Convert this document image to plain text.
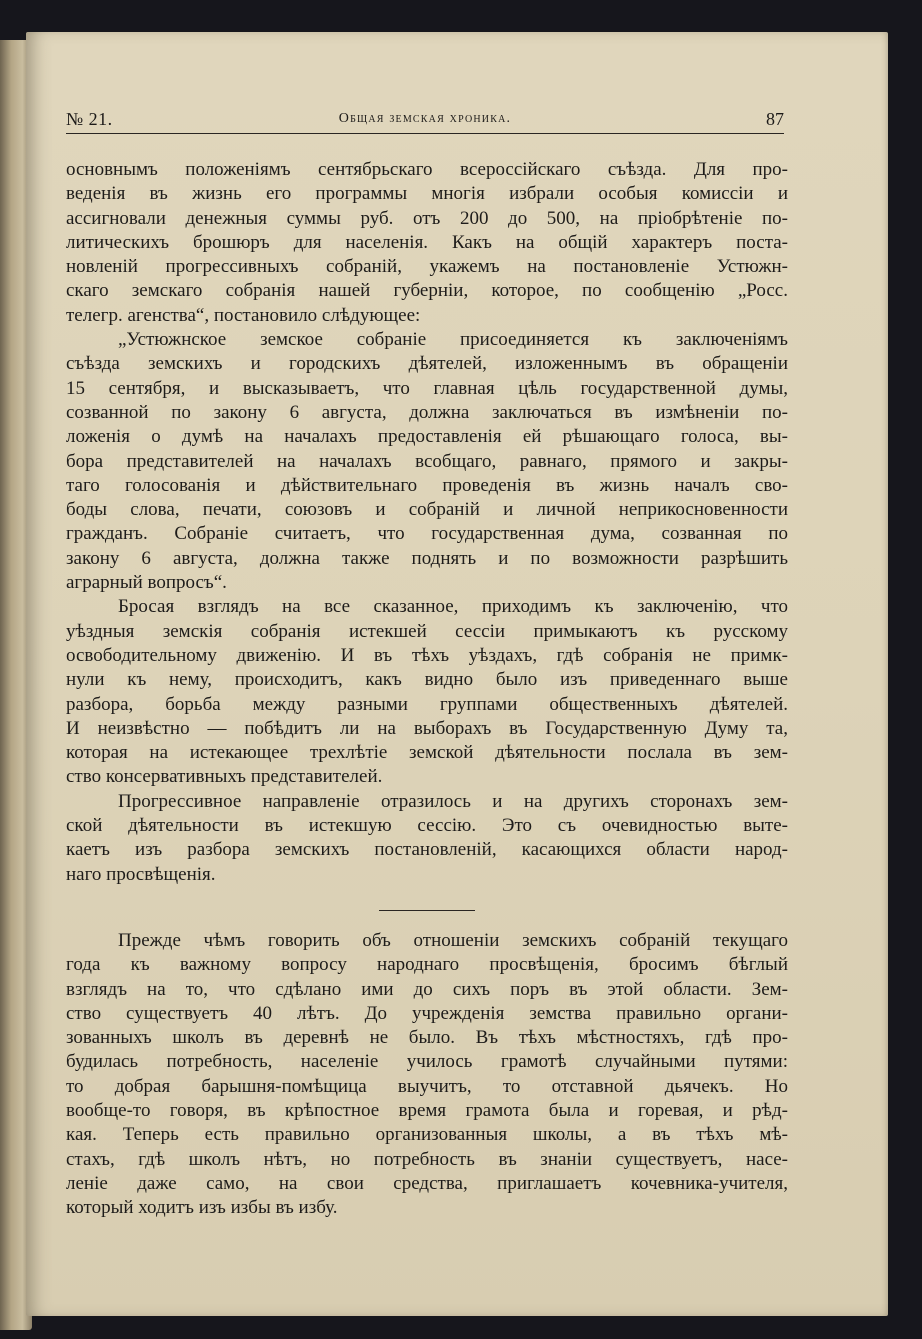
№ 21.	Общая земская хроника.	87
основнымъ положеніямъ сентябрьскаго всероссійскаго съѣзда. Для про-
веденія въ жизнь его программы многія избрали особыя комиссіи и
ассигновали денежныя суммы руб. отъ 200 до 500, на пріобрѣтеніе по-
литическихъ брошюръ для населенія. Какъ на общій характеръ поста-
новленій прогрессивныхъ собраній, укажемъ на постановленіе Устюжн-
скаго земскаго собранія нашей губерніи, которое, по сообщенію „Росс.
телегр. агенства“, постановило слѣдующее:
„Устюжнское земское собраніе присоединяется къ заключеніямъ
съѣзда земскихъ и городскихъ дѣятелей, изложеннымъ въ обращеніи
15 сентября, и высказываетъ, что главная цѣль государственной думы,
созванной по закону 6 августа, должна заключаться въ измѣненіи по-
ложенія о думѣ на началахъ предоставленія ей рѣшающаго голоса, вы-
бора представителей на началахъ всобщаго, равнаго, прямого и закры-
таго голосованія и дѣйствительнаго проведенія въ жизнь началъ сво-
боды слова, печати, союзовъ и собраній и личной неприкосновенности
гражданъ. Собраніе считаетъ, что государственная дума, созванная по
закону 6 августа, должна также поднять и по возможности разрѣшить
аграрный вопросъ“.
Бросая взглядъ на все сказанное, приходимъ къ заключенію, что
уѣздныя земскія собранія истекшей сессіи примыкаютъ къ русскому
освободительному движенію. И въ тѣхъ уѣздахъ, гдѣ собранія не примк-
нули къ нему, происходитъ, какъ видно было изъ приведеннаго выше
разбора, борьба между разными группами общественныхъ дѣятелей.
И неизвѣстно — побѣдитъ ли на выборахъ въ Государственную Думу та,
которая на истекающее трехлѣтіе земской дѣятельности послала въ зем-
ство консервативныхъ представителей.
Прогрессивное направленіе отразилось и на другихъ сторонахъ зем-
ской дѣятельности въ истекшую сессію. Это съ очевидностью выте-
каетъ изъ разбора земскихъ постановленій, касающихся области народ-
наго просвѣщенія.
Прежде чѣмъ говорить объ отношеніи земскихъ собраній текущаго
года къ важному вопросу народнаго просвѣщенія, бросимъ бѣглый
взглядъ на то, что сдѣлано ими до сихъ поръ въ этой области. Зем-
ство существуетъ 40 лѣтъ. До учрежденія земства правильно органи-
зованныхъ школъ въ деревнѣ не было. Въ тѣхъ мѣстностяхъ, гдѣ про-
будилась потребность, населеніе училось грамотѣ случайными путями:
то добрая барышня-помѣщица выучитъ, то отставной дьячекъ. Но
вообще-то говоря, въ крѣпостное время грамота была и горевая, и рѣд-
кая. Теперь есть правильно организованныя школы, а въ тѣхъ мѣ-
стахъ, гдѣ школъ нѣтъ, но потребность въ знаніи существуетъ, насе-
леніе даже само, на свои средства, приглашаетъ кочевника-учителя,
который ходитъ изъ избы въ избу.
